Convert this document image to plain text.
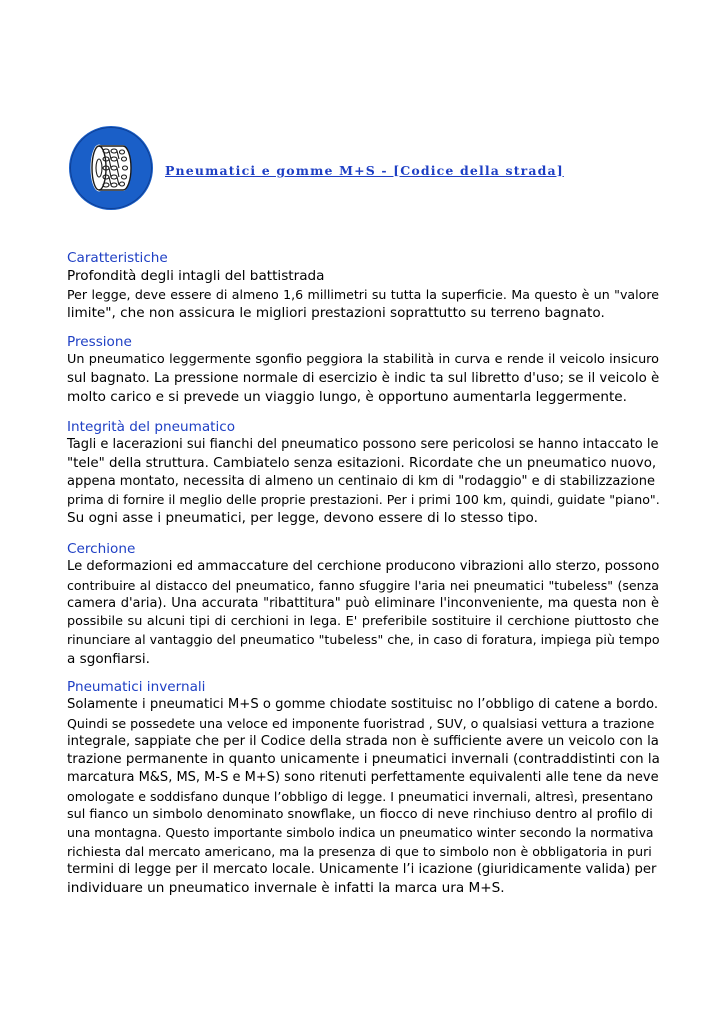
Pneumatici e gomme M+S - [Codice della strada]
Caratteristiche

Profondità degli intagli del battistrada

Per legge, deve essere di almeno 1,6 millimetri su tutta la superficie. Ma questo è un "valore

limite", che non assicura le migliori prestazioni soprattutto su terreno bagnato.

Pressione

Un pneumatico leggermente sgonfio peggiora la stabilità in curva e rende il veicolo insicuro

sul bagnato. La pressione normale di esercizio è indic ta sul libretto d'uso; se il veicolo è

molto carico e si prevede un viaggio lungo, è opportuno aumentarla leggermente.

Integrità del pneumatico

Tagli e lacerazioni sui fianchi del pneumatico possono sere pericolosi se hanno intaccato le

"tele" della struttura. Cambiatelo senza esitazioni. Ricordate che un pneumatico nuovo,

appena montato, necessita di almeno un centinaio di km di "rodaggio" e di stabilizzazione

prima di fornire il meglio delle proprie prestazioni. Per i primi 100 km, quindi, guidate "piano".

Su ogni asse i pneumatici, per legge, devono essere di lo stesso tipo.

Cerchione

Le deformazioni ed ammaccature del cerchione producono vibrazioni allo sterzo, possono

contribuire al distacco del pneumatico, fanno sfuggire l'aria nei pneumatici "tubeless" (senza

camera d'aria). Una accurata "ribattitura" può eliminare l'inconveniente, ma questa non è

possibile su alcuni tipi di cerchioni in lega. E' preferibile sostituire il cerchione piuttosto che

rinunciare al vantaggio del pneumatico "tubeless" che, in caso di foratura, impiega più tempo

a sgonfiarsi.

Pneumatici invernali

Solamente i pneumatici M+S o gomme chiodate sostituisc no l’obbligo di catene a bordo.

Quindi se possedete una veloce ed imponente fuoristrad , SUV, o qualsiasi vettura a trazione

integrale, sappiate che per il Codice della strada non è sufficiente avere un veicolo con la

trazione permanente in quanto unicamente i pneumatici invernali (contraddistinti con la

marcatura M&S, MS, M-S e M+S) sono ritenuti perfettamente equivalenti alle tene da neve

omologate e soddisfano dunque l’obbligo di legge. I pneumatici invernali, altresì, presentano

sul fianco un simbolo denominato snowflake, un fiocco di neve rinchiuso dentro al profilo di

una montagna. Questo importante simbolo indica un pneumatico winter secondo la normativa

richiesta dal mercato americano, ma la presenza di que to simbolo non è obbligatoria in puri

termini di legge per il mercato locale. Unicamente l’i icazione (giuridicamente valida) per

individuare un pneumatico invernale è infatti la marca ura M+S.
